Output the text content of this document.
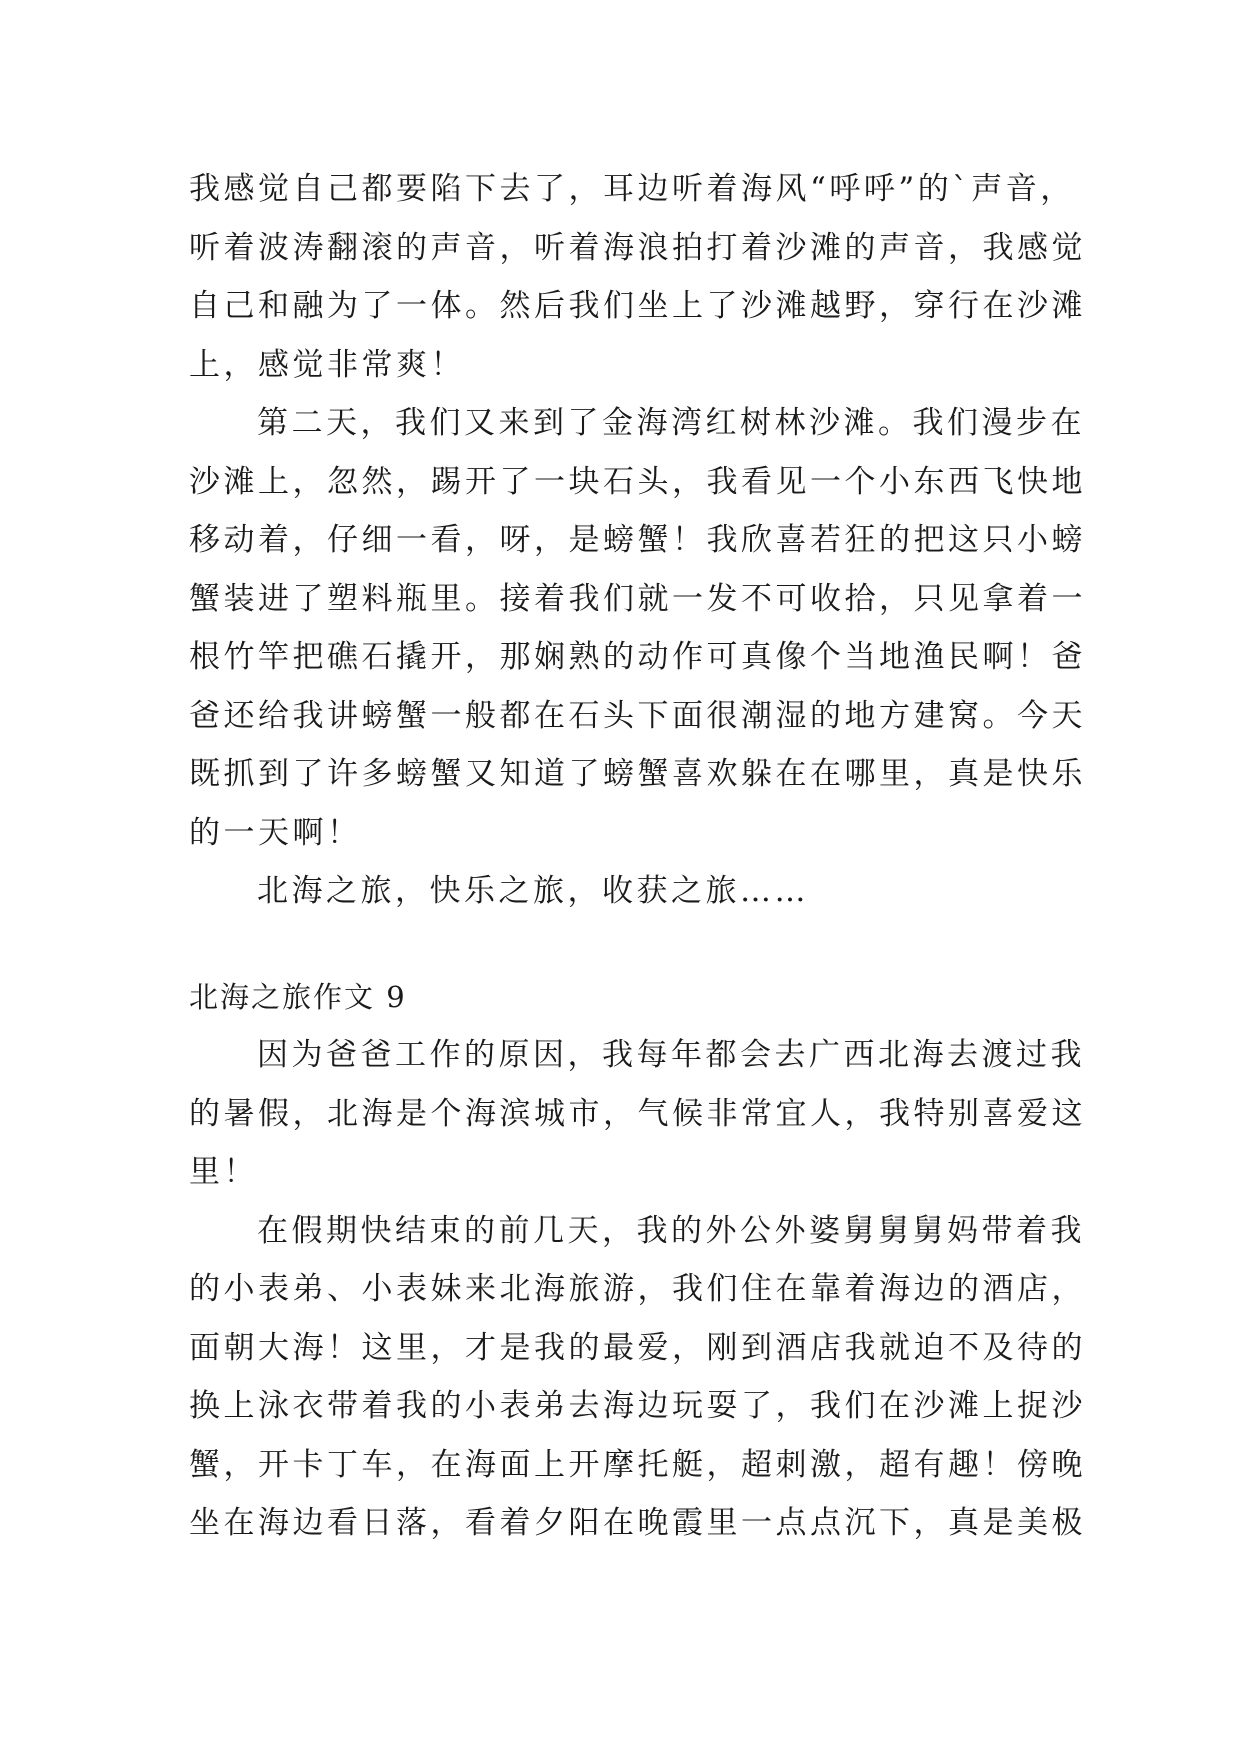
我感觉自己都要陷下去了，耳边听着海风“呼呼”的`声音，
听着波涛翻滚的声音，听着海浪拍打着沙滩的声音，我感觉
自己和融为了一体。然后我们坐上了沙滩越野，穿行在沙滩
上，感觉非常爽！
第二天，我们又来到了金海湾红树林沙滩。我们漫步在
沙滩上，忽然，踢开了一块石头，我看见一个小东西飞快地
移动着，仔细一看，呀，是螃蟹！我欣喜若狂的把这只小螃
蟹装进了塑料瓶里。接着我们就一发不可收拾，只见拿着一
根竹竿把礁石撬开，那娴熟的动作可真像个当地渔民啊！爸
爸还给我讲螃蟹一般都在石头下面很潮湿的地方建窝。今天
既抓到了许多螃蟹又知道了螃蟹喜欢躲在在哪里，真是快乐
的一天啊！
北海之旅，快乐之旅，收获之旅……
北海之旅作文 9
因为爸爸工作的原因，我每年都会去广西北海去渡过我
的暑假，北海是个海滨城市，气候非常宜人，我特别喜爱这
里！
在假期快结束的前几天，我的外公外婆舅舅舅妈带着我
的小表弟、小表妹来北海旅游，我们住在靠着海边的酒店，
面朝大海！这里，才是我的最爱，刚到酒店我就迫不及待的
换上泳衣带着我的小表弟去海边玩耍了，我们在沙滩上捉沙
蟹，开卡丁车，在海面上开摩托艇，超刺激，超有趣！傍晚
坐在海边看日落，看着夕阳在晚霞里一点点沉下，真是美极
